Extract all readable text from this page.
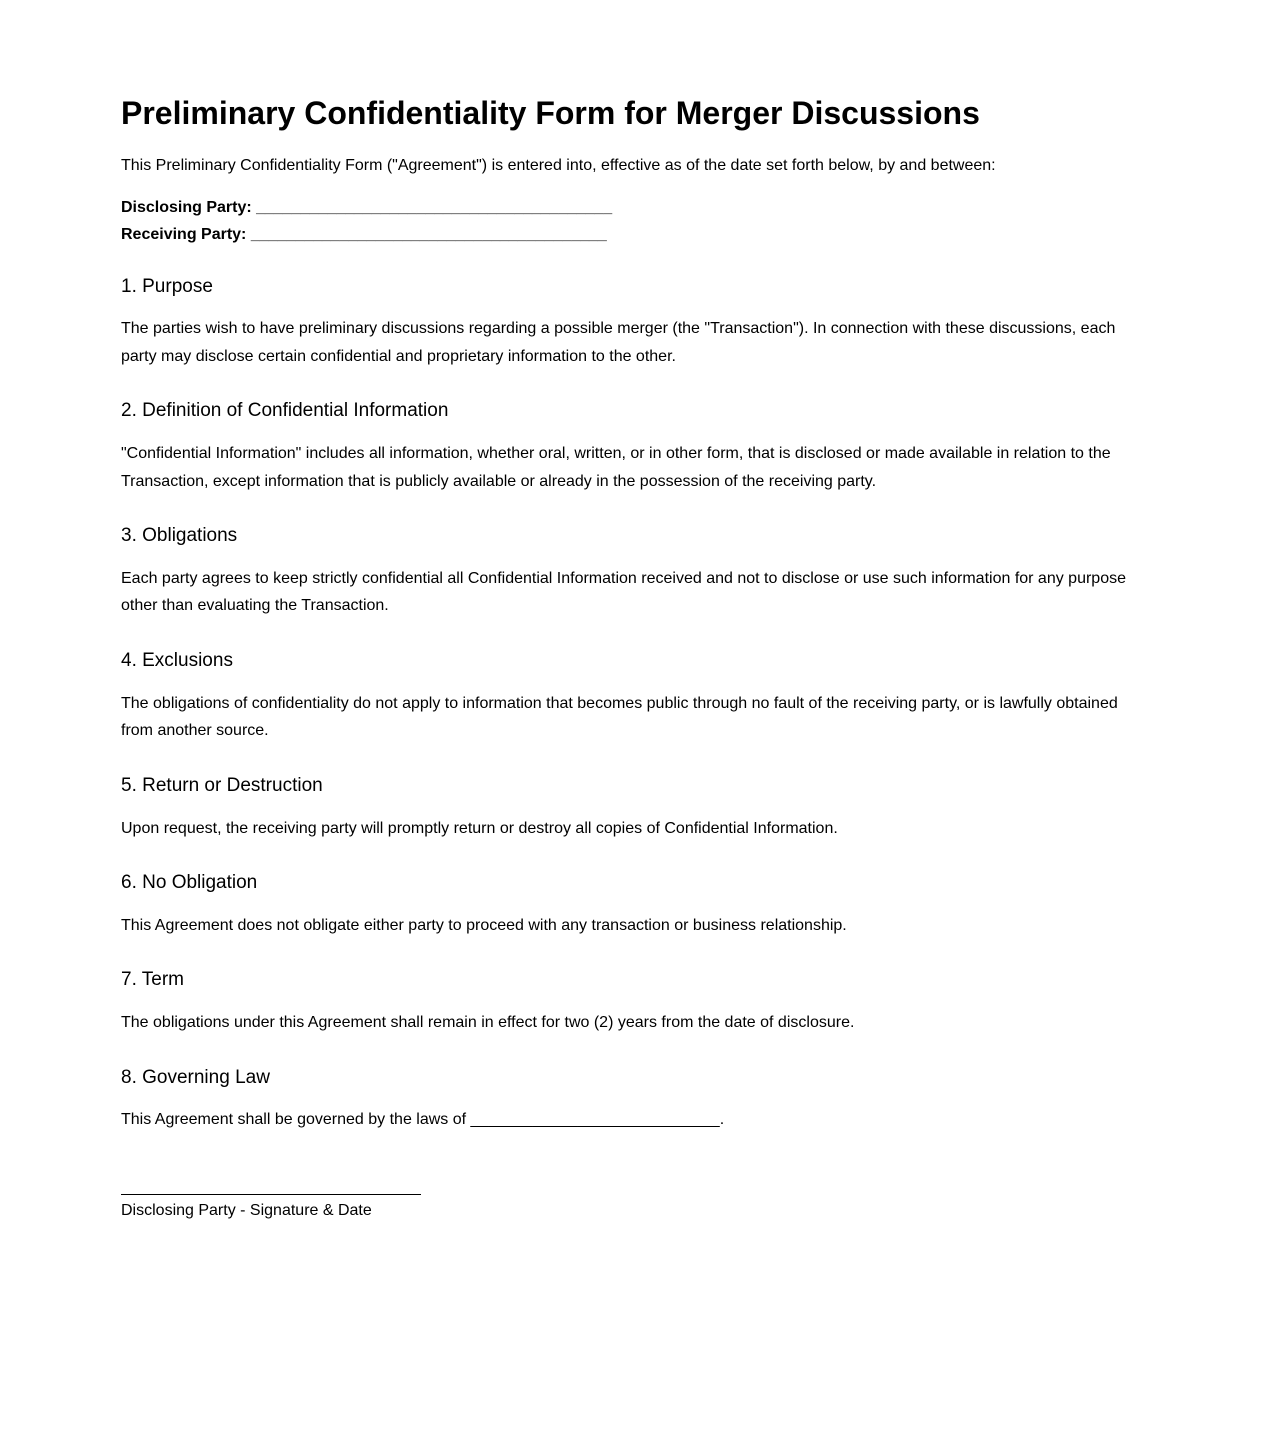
Preliminary Confidentiality Form for Merger Discussions

This Preliminary Confidentiality Form ("Agreement") is entered into, effective as of the date set forth below, by and between:

Disclosing Party: ________________________________________
Receiving Party: ________________________________________
1. Purpose

The parties wish to have preliminary discussions regarding a possible merger (the "Transaction"). In connection with these discussions, each party may disclose certain confidential and proprietary information to the other.

2. Definition of Confidential Information

"Confidential Information" includes all information, whether oral, written, or in other form, that is disclosed or made available in relation to the Transaction, except information that is publicly available or already in the possession of the receiving party.

3. Obligations

Each party agrees to keep strictly confidential all Confidential Information received and not to disclose or use such information for any purpose other than evaluating the Transaction.

4. Exclusions

The obligations of confidentiality do not apply to information that becomes public through no fault of the receiving party, or is lawfully obtained from another source.

5. Return or Destruction

Upon request, the receiving party will promptly return or destroy all copies of Confidential Information.

6. No Obligation

This Agreement does not obligate either party to proceed with any transaction or business relationship.

7. Term

The obligations under this Agreement shall remain in effect for two (2) years from the date of disclosure.

8. Governing Law

This Agreement shall be governed by the laws of ____________________________.

Disclosing Party - Signature & Date
